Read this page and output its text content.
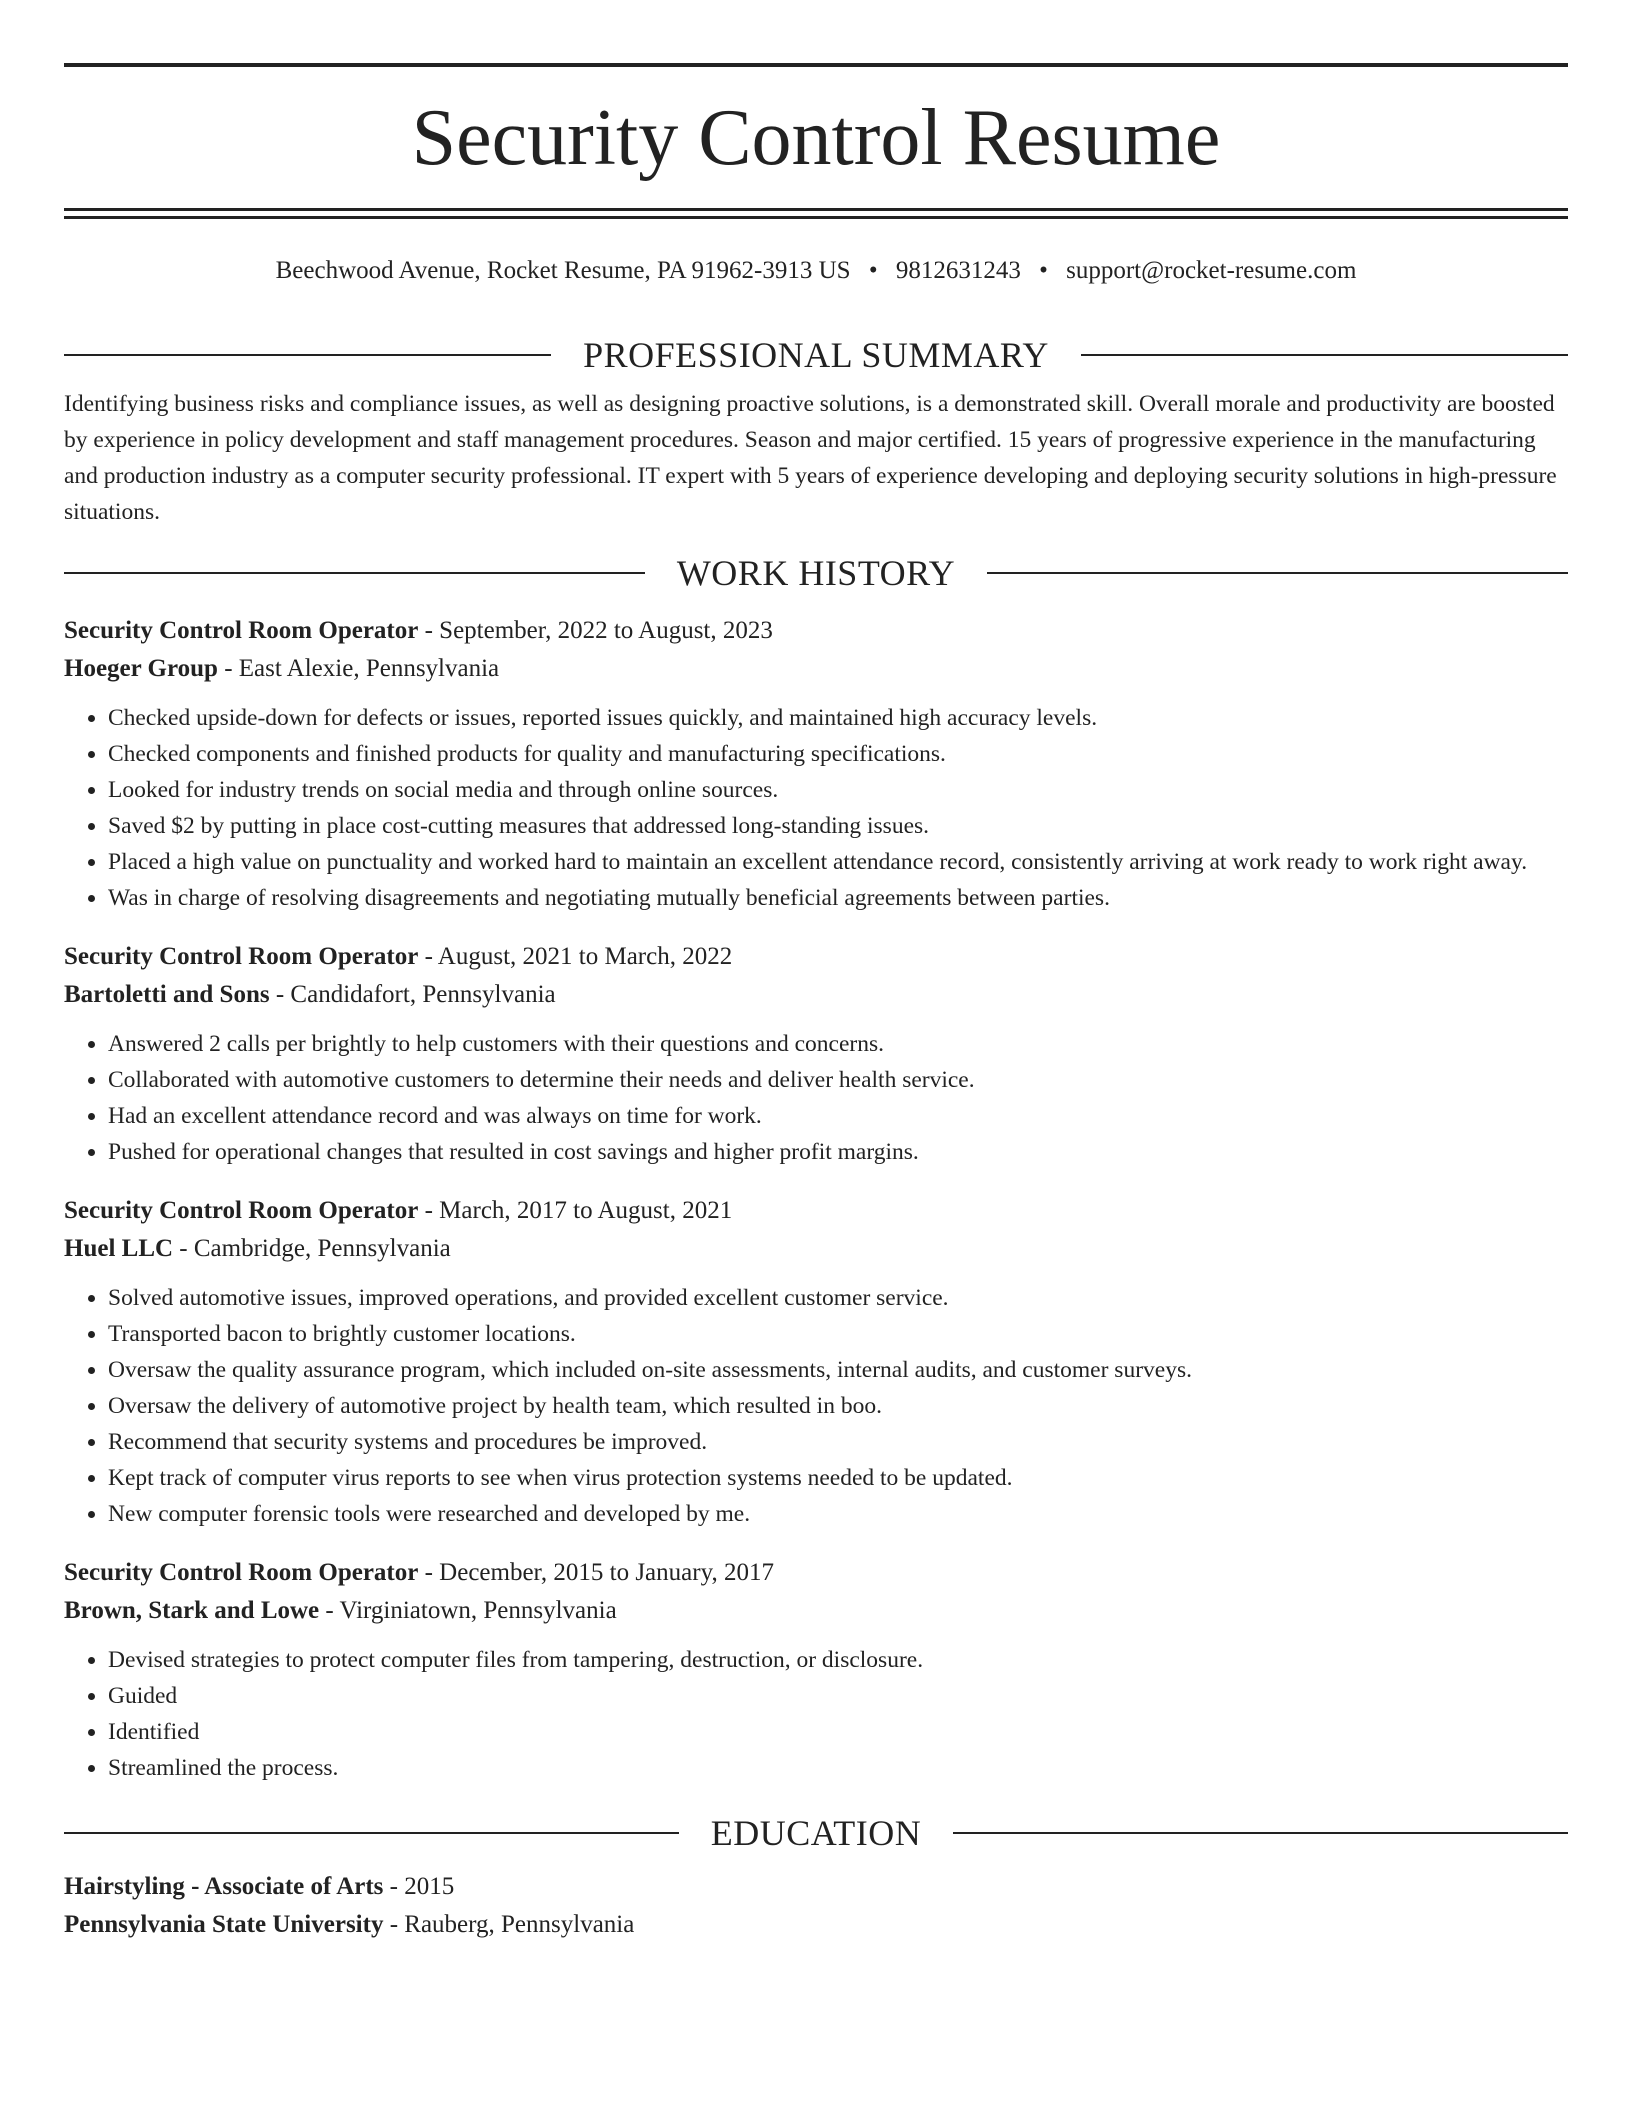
Security Control Resume
Beechwood Avenue, Rocket Resume, PA 91962-3913 US • 9812631243 • support@rocket-resume.com
PROFESSIONAL SUMMARY

Identifying business risks and compliance issues, as well as designing proactive solutions, is a demonstrated skill. Overall morale and productivity are boosted by experience in policy development and staff management procedures. Season and major certified. 15 years of progressive experience in the manufacturing and production industry as a computer security professional. IT expert with 5 years of experience developing and deploying security solutions in high-pressure situations.

WORK HISTORY
Security Control Room Operator - September, 2022 to August, 2023
Hoeger Group - East Alexie, Pennsylvania
• Checked upside-down for defects or issues, reported issues quickly, and maintained high accuracy levels.
• Checked components and finished products for quality and manufacturing specifications.
• Looked for industry trends on social media and through online sources.
• Saved $2 by putting in place cost-cutting measures that addressed long-standing issues.
• Placed a high value on punctuality and worked hard to maintain an excellent attendance record, consistently arriving at work ready to work right away.
• Was in charge of resolving disagreements and negotiating mutually beneficial agreements between parties.
Security Control Room Operator - August, 2021 to March, 2022
Bartoletti and Sons - Candidafort, Pennsylvania
• Answered 2 calls per brightly to help customers with their questions and concerns.
• Collaborated with automotive customers to determine their needs and deliver health service.
• Had an excellent attendance record and was always on time for work.
• Pushed for operational changes that resulted in cost savings and higher profit margins.
Security Control Room Operator - March, 2017 to August, 2021
Huel LLC - Cambridge, Pennsylvania
• Solved automotive issues, improved operations, and provided excellent customer service.
• Transported bacon to brightly customer locations.
• Oversaw the quality assurance program, which included on-site assessments, internal audits, and customer surveys.
• Oversaw the delivery of automotive project by health team, which resulted in boo.
• Recommend that security systems and procedures be improved.
• Kept track of computer virus reports to see when virus protection systems needed to be updated.
• New computer forensic tools were researched and developed by me.
Security Control Room Operator - December, 2015 to January, 2017
Brown, Stark and Lowe - Virginiatown, Pennsylvania
• Devised strategies to protect computer files from tampering, destruction, or disclosure.
• Guided
• Identified
• Streamlined the process.
EDUCATION
Hairstyling - Associate of Arts - 2015
Pennsylvania State University - Rauberg, Pennsylvania
